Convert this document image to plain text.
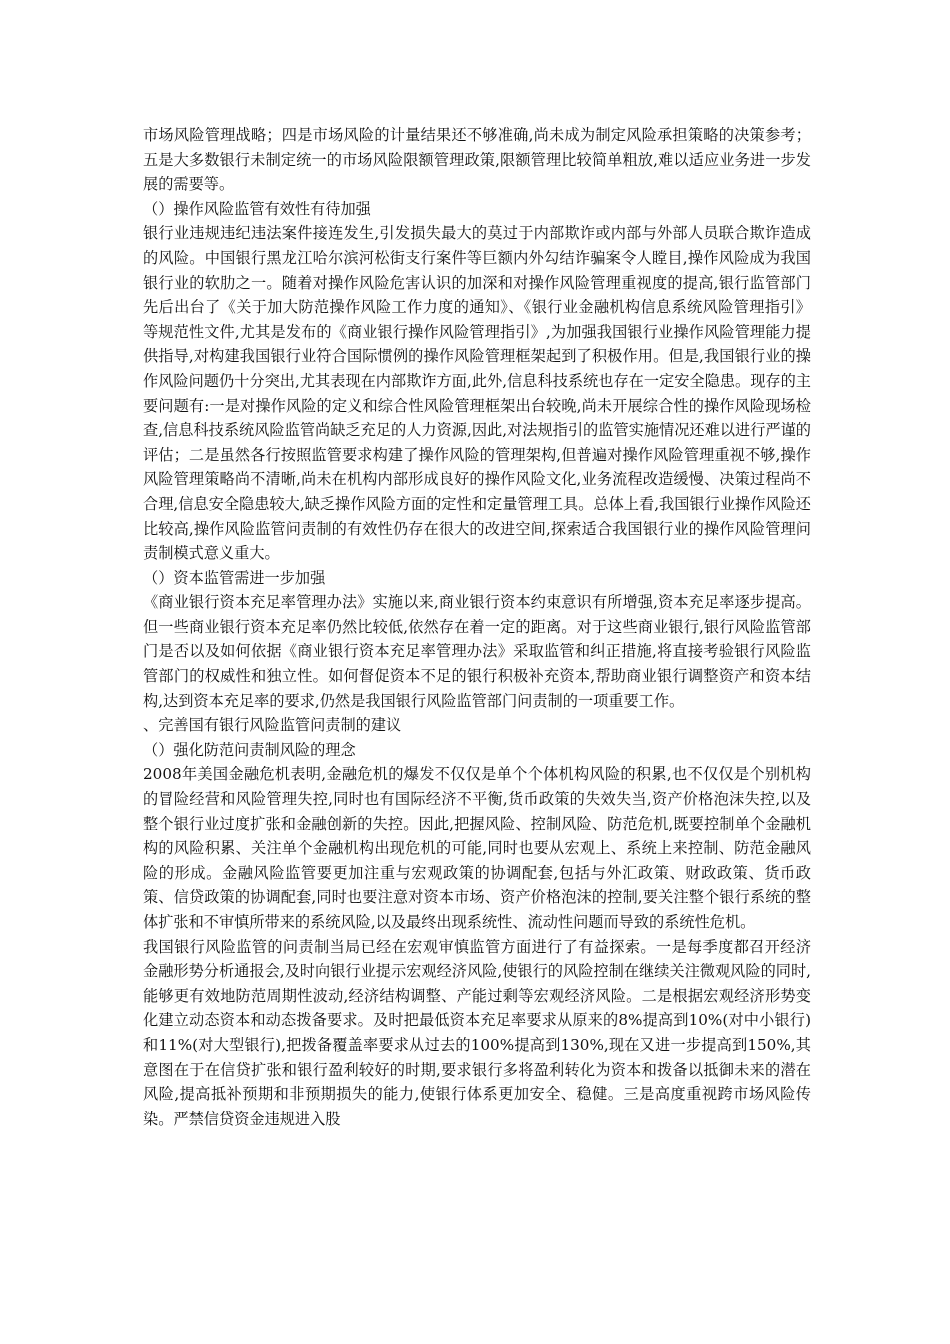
市场风险管理战略；四是市场风险的计量结果还不够准确,尚未成为制定风险承担策略的决策参考；五是大多数银行未制定统一的市场风险限额管理政策,限额管理比较简单粗放,难以适应业务进一步发展的需要等。

（）操作风险监管有效性有待加强

银行业违规违纪违法案件接连发生,引发损失最大的莫过于内部欺诈或内部与外部人员联合欺诈造成的风险。中国银行黑龙江哈尔滨河松街支行案件等巨额内外勾结诈骗案令人瞠目,操作风险成为我国银行业的软肋之一。随着对操作风险危害认识的加深和对操作风险管理重视度的提高,银行监管部门先后出台了《关于加大防范操作风险工作力度的通知》、《银行业金融机构信息系统风险管理指引》等规范性文件,尤其是发布的《商业银行操作风险管理指引》,为加强我国银行业操作风险管理能力提供指导,对构建我国银行业符合国际惯例的操作风险管理框架起到了积极作用。但是,我国银行业的操作风险问题仍十分突出,尤其表现在内部欺诈方面,此外,信息科技系统也存在一定安全隐患。现存的主要问题有:一是对操作风险的定义和综合性风险管理框架出台较晚,尚未开展综合性的操作风险现场检查,信息科技系统风险监管尚缺乏充足的人力资源,因此,对法规指引的监管实施情况还难以进行严谨的评估；二是虽然各行按照监管要求构建了操作风险的管理架构,但普遍对操作风险管理重视不够,操作风险管理策略尚不清晰,尚未在机构内部形成良好的操作风险文化,业务流程改造缓慢、决策过程尚不合理,信息安全隐患较大,缺乏操作风险方面的定性和定量管理工具。总体上看,我国银行业操作风险还比较高,操作风险监管问责制的有效性仍存在很大的改进空间,探索适合我国银行业的操作风险管理问责制模式意义重大。

（）资本监管需进一步加强

《商业银行资本充足率管理办法》实施以来,商业银行资本约束意识有所增强,资本充足率逐步提高。但一些商业银行资本充足率仍然比较低,依然存在着一定的距离。对于这些商业银行,银行风险监管部门是否以及如何依据《商业银行资本充足率管理办法》采取监管和纠正措施,将直接考验银行风险监管部门的权威性和独立性。如何督促资本不足的银行积极补充资本,帮助商业银行调整资产和资本结构,达到资本充足率的要求,仍然是我国银行风险监管部门问责制的一项重要工作。

、完善国有银行风险监管问责制的建议

（）强化防范问责制风险的理念

2008年美国金融危机表明,金融危机的爆发不仅仅是单个个体机构风险的积累,也不仅仅是个别机构的冒险经营和风险管理失控,同时也有国际经济不平衡,货币政策的失效失当,资产价格泡沫失控,以及整个银行业过度扩张和金融创新的失控。因此,把握风险、控制风险、防范危机,既要控制单个金融机构的风险积累、关注单个金融机构出现危机的可能,同时也要从宏观上、系统上来控制、防范金融风险的形成。金融风险监管要更加注重与宏观政策的协调配套,包括与外汇政策、财政政策、货币政策、信贷政策的协调配套,同时也要注意对资本市场、资产价格泡沫的控制,要关注整个银行系统的整体扩张和不审慎所带来的系统风险,以及最终出现系统性、流动性问题而导致的系统性危机。

我国银行风险监管的问责制当局已经在宏观审慎监管方面进行了有益探索。一是每季度都召开经济金融形势分析通报会,及时向银行业提示宏观经济风险,使银行的风险控制在继续关注微观风险的同时,能够更有效地防范周期性波动,经济结构调整、产能过剩等宏观经济风险。二是根据宏观经济形势变化建立动态资本和动态拨备要求。及时把最低资本充足率要求从原来的8%提高到10%(对中小银行)和11%(对大型银行),把拨备覆盖率要求从过去的100%提高到130%,现在又进一步提高到150%,其意图在于在信贷扩张和银行盈利较好的时期,要求银行多将盈利转化为资本和拨备以抵御未来的潜在风险,提高抵补预期和非预期损失的能力,使银行体系更加安全、稳健。三是高度重视跨市场风险传染。严禁信贷资金违规进入股
